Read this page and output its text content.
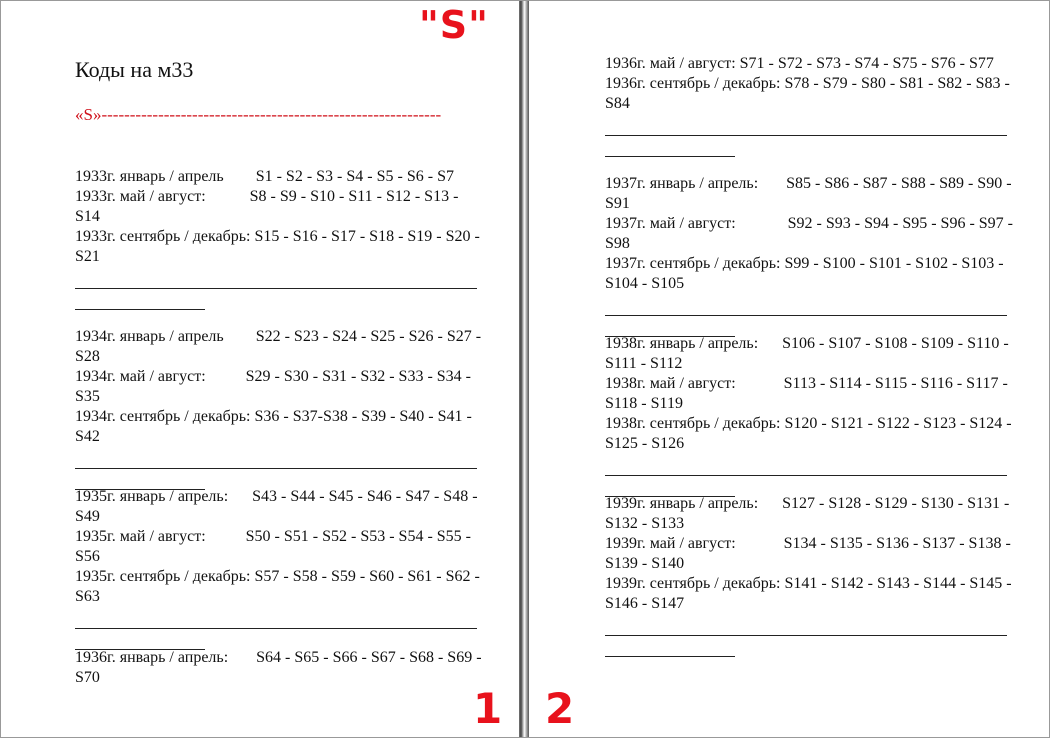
"S"
1 2
Коды на м33
«S»------------------------------------------------------------
1933г. январь / апрель        S1 - S2 - S3 - S4 - S5 - S6 - S7
1933г. май / август:           S8 - S9 - S10 - S11 - S12 - S13 - S14
1933г. сентябрь / декабрь: S15 - S16 - S17 - S18 - S19 - S20 - S21
1934г. январь / апрель        S22 - S23 - S24 - S25 - S26 - S27 - S28
1934г. май / август:          S29 - S30 - S31 - S32 - S33 - S34 - S35
1934г. сентябрь / декабрь: S36 - S37-S38 - S39 - S40 - S41 - S42
1935г. январь / апрель:      S43 - S44 - S45 - S46 - S47 - S48 - S49
1935г. май / август:          S50 - S51 - S52 - S53 - S54 - S55 - S56
1935г. сентябрь / декабрь: S57 - S58 - S59 - S60 - S61 - S62 - S63
1936г. январь / апрель:       S64 - S65 - S66 - S67 - S68 - S69 - S70
1936г. май / август: S71 - S72 - S73 - S74 - S75 - S76 - S77
1936г. сентябрь / декабрь: S78 - S79 - S80 - S81 - S82 - S83 - S84
1937г. январь / апрель:       S85 - S86 - S87 - S88 - S89 - S90 - S91
1937г. май / август:             S92 - S93 - S94 - S95 - S96 - S97 - S98
1937г. сентябрь / декабрь: S99 - S100 - S101 - S102 - S103 - S104 - S105
1938г. январь / апрель:      S106 - S107 - S108 - S109 - S110 - S111 - S112
1938г. май / август:            S113 - S114 - S115 - S116 - S117 - S118 - S119
1938г. сентябрь / декабрь: S120 - S121 - S122 - S123 - S124 - S125 - S126
1939г. январь / апрель:      S127 - S128 - S129 - S130 - S131 - S132 - S133
1939г. май / август:            S134 - S135 - S136 - S137 - S138 - S139 - S140
1939г. сентябрь / декабрь: S141 - S142 - S143 - S144 - S145 - S146 - S147
